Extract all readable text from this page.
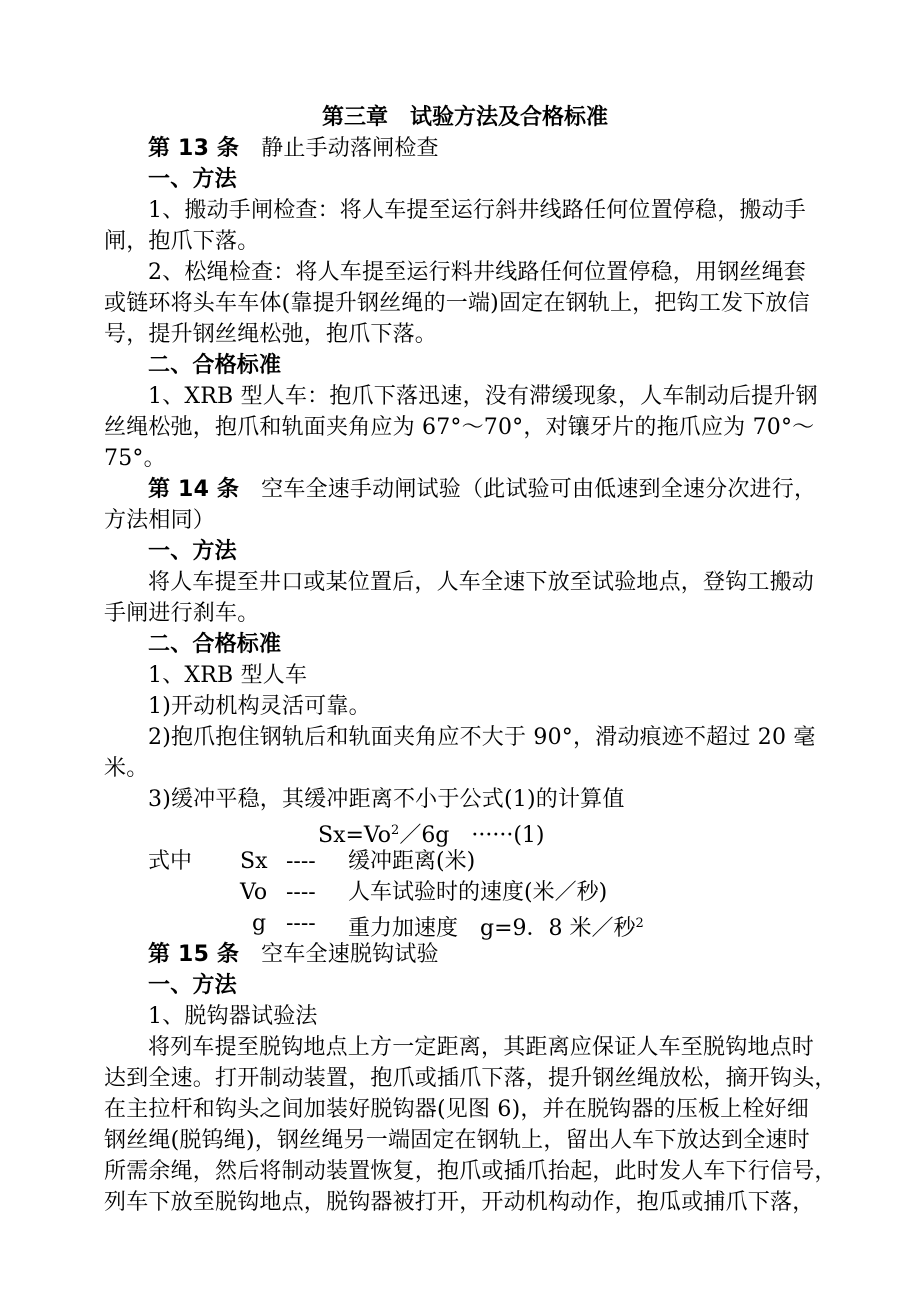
第三章　试验方法及合格标准
第 13 条 静止手动落闸检查
一、方法
1、搬动手闸检查：将人车提至运行斜井线路任何位置停稳，搬动手
闸，抱爪下落。
2、松绳检查：将人车提至运行料井线路任何位置停稳，用钢丝绳套
或链环将头车车体(靠提升钢丝绳的一端)固定在钢轨上，把钩工发下放信
号，提升钢丝绳松弛，抱爪下落。
二、合格标准
1、XRB 型人车：抱爪下落迅速，没有滞缓现象，人车制动后提升钢
丝绳松弛，抱爪和轨面夹角应为 67°～70°，对镶牙片的拖爪应为 70°～
75°。
第 14 条 空车全速手动闸试验（此试验可由低速到全速分次进行，
方法相同）
一、方法
将人车提至井口或某位置后，人车全速下放至试验地点，登钩工搬动
手闸进行刹车。
二、合格标准
1、XRB 型人车
1)开动机构灵活可靠。
2)抱爪抱住钢轨后和轨面夹角应不大于 90°，滑动痕迹不超过 20 毫
米。
3)缓冲平稳，其缓冲距离不小于公式(1)的计算值
$Sx=Vo^2/6g$　······(1)
式中 Sx ---- 缓冲距离(米)
Vo ---- 人车试验时的速度(米／秒)
g ---- 重力加速度　g=9．8 米／秒$^2$
第 15 条 空车全速脱钩试验
一、方法
1、脱钩器试验法
将列车提至脱钩地点上方一定距离，其距离应保证人车至脱钩地点时
达到全速。打开制动装置，抱爪或插爪下落，提升钢丝绳放松，摘开钩头，
在主拉杆和钩头之间加装好脱钩器(见图 6)，并在脱钩器的压板上栓好细
钢丝绳(脱钨绳)，钢丝绳另一端固定在钢轨上，留出人车下放达到全速时
所需余绳，然后将制动装置恢复，抱爪或插爪抬起，此时发人车下行信号，
列车下放至脱钩地点，脱钩器被打开，开动机构动作，抱瓜或捕爪下落，
